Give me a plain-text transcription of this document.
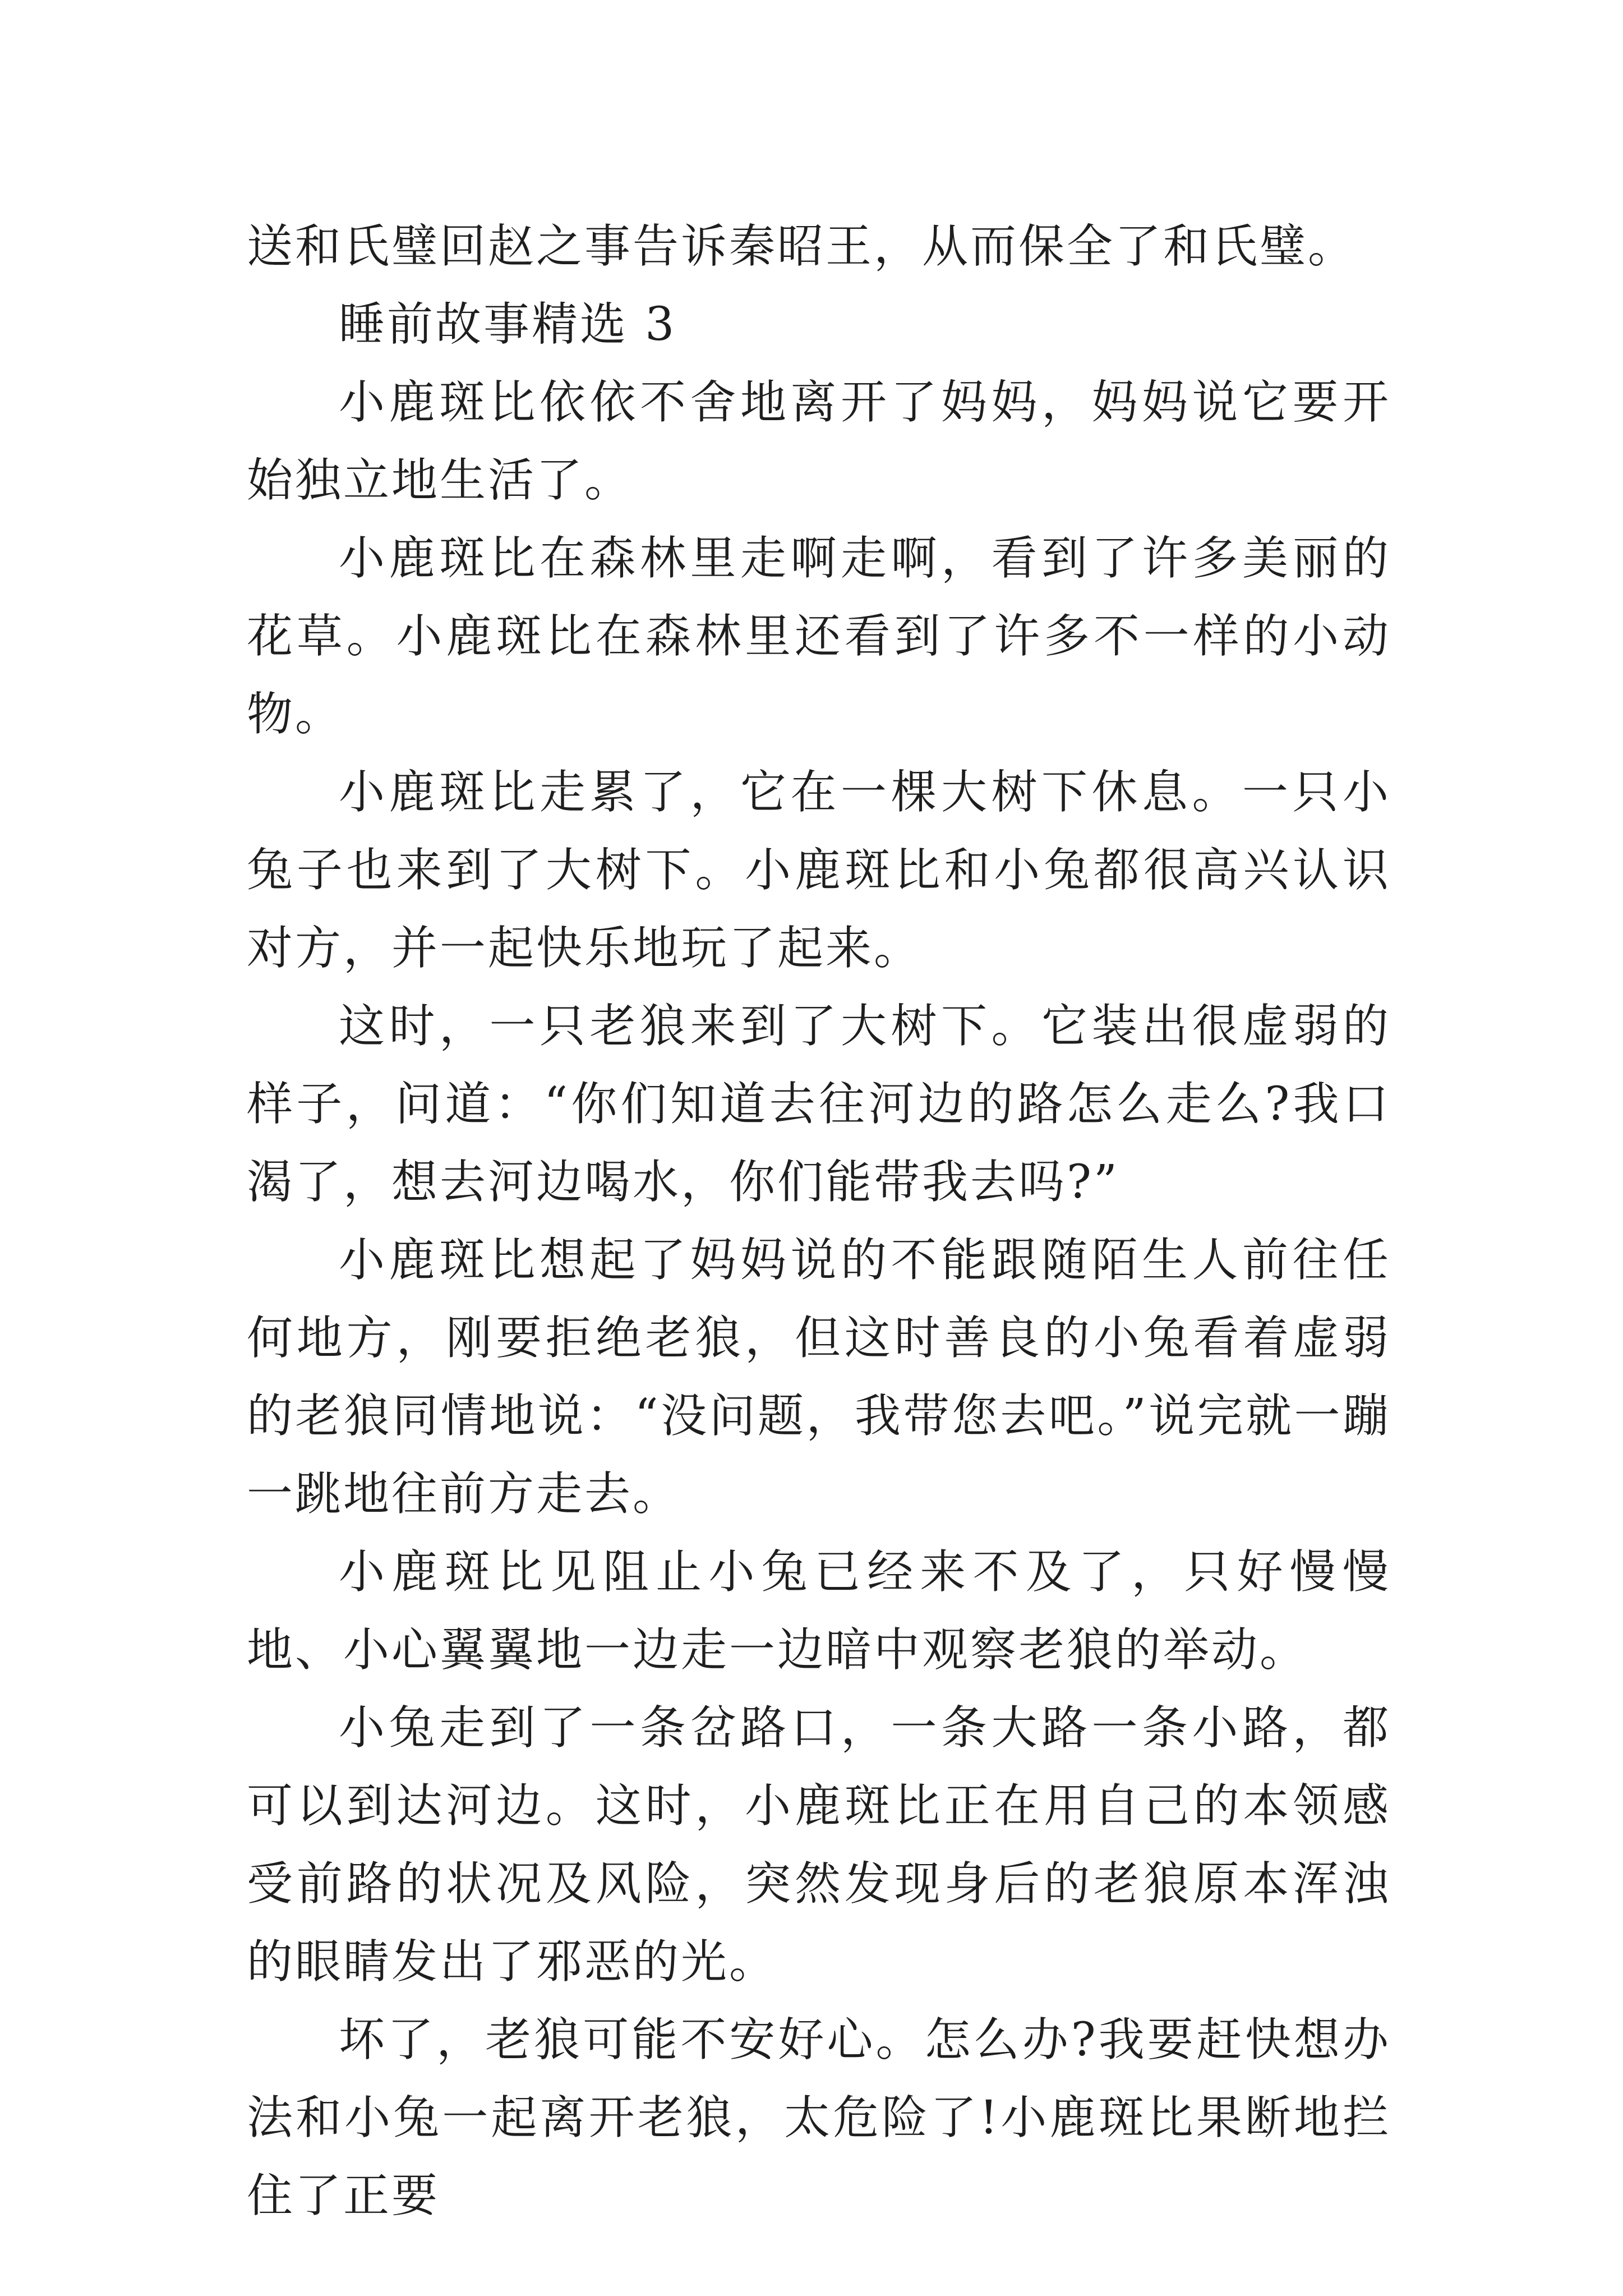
送和氏璧回赵之事告诉秦昭王，从而保全了和氏璧。

睡前故事精选 3

小鹿斑比依依不舍地离开了妈妈，妈妈说它要开始独立地生活了。

小鹿斑比在森林里走啊走啊，看到了许多美丽的花草。小鹿斑比在森林里还看到了许多不一样的小动物。

小鹿斑比走累了，它在一棵大树下休息。一只小兔子也来到了大树下。小鹿斑比和小兔都很高兴认识对方，并一起快乐地玩了起来。

这时，一只老狼来到了大树下。它装出很虚弱的样子，问道：“你们知道去往河边的路怎么走么?我口渴了，想去河边喝水，你们能带我去吗?”

小鹿斑比想起了妈妈说的不能跟随陌生人前往任何地方，刚要拒绝老狼，但这时善良的小兔看着虚弱的老狼同情地说：“没问题，我带您去吧。”说完就一蹦一跳地往前方走去。

小鹿斑比见阻止小兔已经来不及了，只好慢慢地、小心翼翼地一边走一边暗中观察老狼的举动。

小兔走到了一条岔路口，一条大路一条小路，都可以到达河边。这时，小鹿斑比正在用自己的本领感受前路的状况及风险，突然发现身后的老狼原本浑浊的眼睛发出了邪恶的光。

坏了，老狼可能不安好心。怎么办?我要赶快想办法和小兔一起离开老狼，太危险了!小鹿斑比果断地拦住了正要
